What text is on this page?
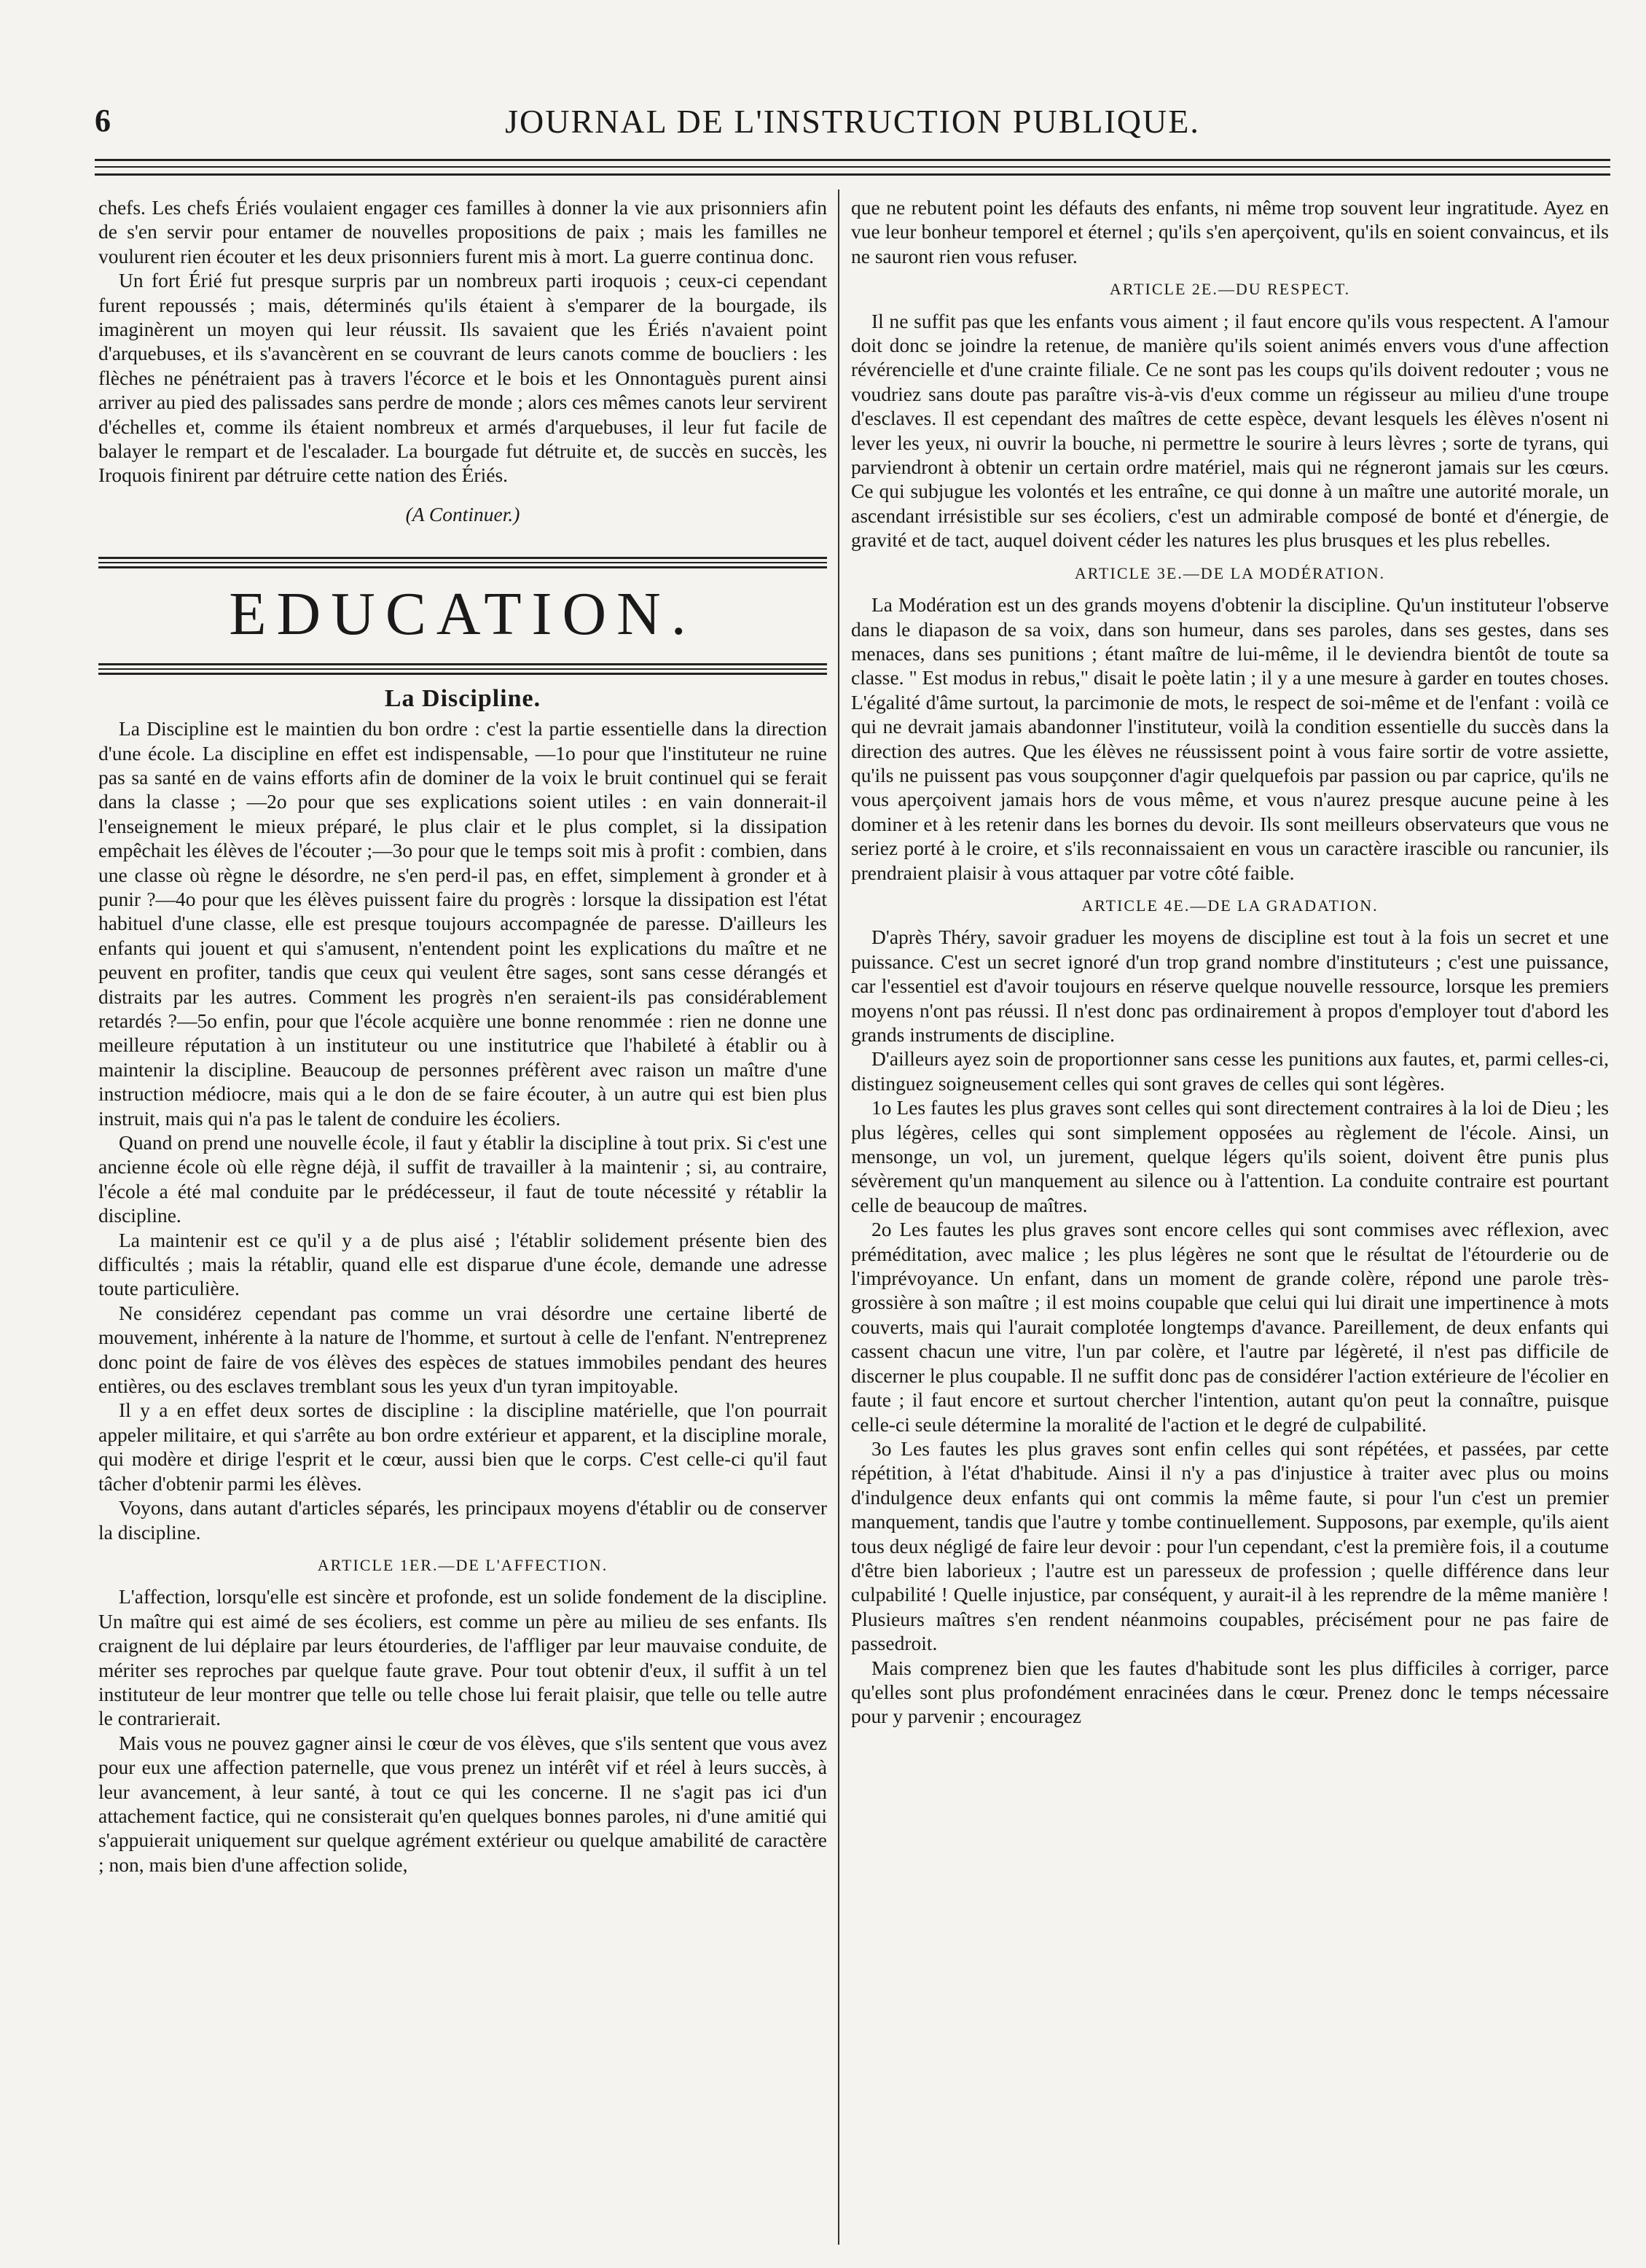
6	JOURNAL DE L'INSTRUCTION PUBLIQUE.

chefs. Les chefs Ériés voulaient engager ces familles à donner la vie aux prisonniers afin de s'en servir pour entamer de nouvelles propositions de paix ; mais les familles ne voulurent rien écouter et les deux prisonniers furent mis à mort. La guerre continua donc.

Un fort Érié fut presque surpris par un nombreux parti iroquois ; ceux-ci cependant furent repoussés ; mais, déterminés qu'ils étaient à s'emparer de la bourgade, ils imaginèrent un moyen qui leur réussit. Ils savaient que les Ériés n'avaient point d'arquebuses, et ils s'avancèrent en se couvrant de leurs canots comme de boucliers : les flèches ne pénétraient pas à travers l'écorce et le bois et les Onnontaguès purent ainsi arriver au pied des palissades sans perdre de monde ; alors ces mêmes canots leur servirent d'échelles et, comme ils étaient nombreux et armés d'arquebuses, il leur fut facile de balayer le rempart et de l'escalader. La bourgade fut détruite et, de succès en succès, les Iroquois finirent par détruire cette nation des Ériés.

(A Continuer.)

EDUCATION.

La Discipline.

La Discipline est le maintien du bon ordre : c'est la partie essentielle dans la direction d'une école. La discipline en effet est indispensable, —1o pour que l'instituteur ne ruine pas sa santé en de vains efforts afin de dominer de la voix le bruit continuel qui se ferait dans la classe ; —2o pour que ses explications soient utiles : en vain donnerait-il l'enseignement le mieux préparé, le plus clair et le plus complet, si la dissipation empêchait les élèves de l'écouter ;—3o pour que le temps soit mis à profit : combien, dans une classe où règne le désordre, ne s'en perd-il pas, en effet, simplement à gronder et à punir ?—4o pour que les élèves puissent faire du progrès : lorsque la dissipation est l'état habituel d'une classe, elle est presque toujours accompagnée de paresse. D'ailleurs les enfants qui jouent et qui s'amusent, n'entendent point les explications du maître et ne peuvent en profiter, tandis que ceux qui veulent être sages, sont sans cesse dérangés et distraits par les autres. Comment les progrès n'en seraient-ils pas considérablement retardés ?—5o enfin, pour que l'école acquière une bonne renommée : rien ne donne une meilleure réputation à un instituteur ou une institutrice que l'habileté à établir ou à maintenir la discipline. Beaucoup de personnes préfèrent avec raison un maître d'une instruction médiocre, mais qui a le don de se faire écouter, à un autre qui est bien plus instruit, mais qui n'a pas le talent de conduire les écoliers.

Quand on prend une nouvelle école, il faut y établir la discipline à tout prix. Si c'est une ancienne école où elle règne déjà, il suffit de travailler à la maintenir ; si, au contraire, l'école a été mal conduite par le prédécesseur, il faut de toute nécessité y rétablir la discipline.

La maintenir est ce qu'il y a de plus aisé ; l'établir solidement présente bien des difficultés ; mais la rétablir, quand elle est disparue d'une école, demande une adresse toute particulière.

Ne considérez cependant pas comme un vrai désordre une certaine liberté de mouvement, inhérente à la nature de l'homme, et surtout à celle de l'enfant. N'entreprenez donc point de faire de vos élèves des espèces de statues immobiles pendant des heures entières, ou des esclaves tremblant sous les yeux d'un tyran impitoyable.

Il y a en effet deux sortes de discipline : la discipline matérielle, que l'on pourrait appeler militaire, et qui s'arrête au bon ordre extérieur et apparent, et la discipline morale, qui modère et dirige l'esprit et le cœur, aussi bien que le corps. C'est celle-ci qu'il faut tâcher d'obtenir parmi les élèves.

Voyons, dans autant d'articles séparés, les principaux moyens d'établir ou de conserver la discipline.

ARTICLE 1ER.—DE L'AFFECTION.

L'affection, lorsqu'elle est sincère et profonde, est un solide fondement de la discipline. Un maître qui est aimé de ses écoliers, est comme un père au milieu de ses enfants. Ils craignent de lui déplaire par leurs étourderies, de l'affliger par leur mauvaise conduite, de mériter ses reproches par quelque faute grave. Pour tout obtenir d'eux, il suffit à un tel instituteur de leur montrer que telle ou telle chose lui ferait plaisir, que telle ou telle autre le contrarierait.

Mais vous ne pouvez gagner ainsi le cœur de vos élèves, que s'ils sentent que vous avez pour eux une affection paternelle, que vous prenez un intérêt vif et réel à leurs succès, à leur avancement, à leur santé, à tout ce qui les concerne. Il ne s'agit pas ici d'un attachement factice, qui ne consisterait qu'en quelques bonnes paroles, ni d'une amitié qui s'appuierait uniquement sur quelque agrément extérieur ou quelque amabilité de caractère ; non, mais bien d'une affection solide,

que ne rebutent point les défauts des enfants, ni même trop souvent leur ingratitude. Ayez en vue leur bonheur temporel et éternel ; qu'ils s'en aperçoivent, qu'ils en soient convaincus, et ils ne sauront rien vous refuser.

ARTICLE 2E.—DU RESPECT.

Il ne suffit pas que les enfants vous aiment ; il faut encore qu'ils vous respectent. A l'amour doit donc se joindre la retenue, de manière qu'ils soient animés envers vous d'une affection révérencielle et d'une crainte filiale. Ce ne sont pas les coups qu'ils doivent redouter ; vous ne voudriez sans doute pas paraître vis-à-vis d'eux comme un régisseur au milieu d'une troupe d'esclaves. Il est cependant des maîtres de cette espèce, devant lesquels les élèves n'osent ni lever les yeux, ni ouvrir la bouche, ni permettre le sourire à leurs lèvres ; sorte de tyrans, qui parviendront à obtenir un certain ordre matériel, mais qui ne régneront jamais sur les cœurs. Ce qui subjugue les volontés et les entraîne, ce qui donne à un maître une autorité morale, un ascendant irrésistible sur ses écoliers, c'est un admirable composé de bonté et d'énergie, de gravité et de tact, auquel doivent céder les natures les plus brusques et les plus rebelles.

ARTICLE 3E.—DE LA MODÉRATION.

La Modération est un des grands moyens d'obtenir la discipline. Qu'un instituteur l'observe dans le diapason de sa voix, dans son humeur, dans ses paroles, dans ses gestes, dans ses menaces, dans ses punitions ; étant maître de lui-même, il le deviendra bientôt de toute sa classe. " Est modus in rebus," disait le poète latin ; il y a une mesure à garder en toutes choses. L'égalité d'âme surtout, la parcimonie de mots, le respect de soi-même et de l'enfant : voilà ce qui ne devrait jamais abandonner l'instituteur, voilà la condition essentielle du succès dans la direction des autres. Que les élèves ne réussissent point à vous faire sortir de votre assiette, qu'ils ne puissent pas vous soupçonner d'agir quelquefois par passion ou par caprice, qu'ils ne vous aperçoivent jamais hors de vous même, et vous n'aurez presque aucune peine à les dominer et à les retenir dans les bornes du devoir. Ils sont meilleurs observateurs que vous ne seriez porté à le croire, et s'ils reconnaissaient en vous un caractère irascible ou rancunier, ils prendraient plaisir à vous attaquer par votre côté faible.

ARTICLE 4E.—DE LA GRADATION.

D'après Théry, savoir graduer les moyens de discipline est tout à la fois un secret et une puissance. C'est un secret ignoré d'un trop grand nombre d'instituteurs ; c'est une puissance, car l'essentiel est d'avoir toujours en réserve quelque nouvelle ressource, lorsque les premiers moyens n'ont pas réussi. Il n'est donc pas ordinairement à propos d'employer tout d'abord les grands instruments de discipline.

D'ailleurs ayez soin de proportionner sans cesse les punitions aux fautes, et, parmi celles-ci, distinguez soigneusement celles qui sont graves de celles qui sont légères.

1o Les fautes les plus graves sont celles qui sont directement contraires à la loi de Dieu ; les plus légères, celles qui sont simplement opposées au règlement de l'école. Ainsi, un mensonge, un vol, un jurement, quelque légers qu'ils soient, doivent être punis plus sévèrement qu'un manquement au silence ou à l'attention. La conduite contraire est pourtant celle de beaucoup de maîtres.

2o Les fautes les plus graves sont encore celles qui sont commises avec réflexion, avec préméditation, avec malice ; les plus légères ne sont que le résultat de l'étourderie ou de l'imprévoyance. Un enfant, dans un moment de grande colère, répond une parole très-grossière à son maître ; il est moins coupable que celui qui lui dirait une impertinence à mots couverts, mais qui l'aurait complotée longtemps d'avance. Pareillement, de deux enfants qui cassent chacun une vitre, l'un par colère, et l'autre par légèreté, il n'est pas difficile de discerner le plus coupable. Il ne suffit donc pas de considérer l'action extérieure de l'écolier en faute ; il faut encore et surtout chercher l'intention, autant qu'on peut la connaître, puisque celle-ci seule détermine la moralité de l'action et le degré de culpabilité.

3o Les fautes les plus graves sont enfin celles qui sont répétées, et passées, par cette répétition, à l'état d'habitude. Ainsi il n'y a pas d'injustice à traiter avec plus ou moins d'indulgence deux enfants qui ont commis la même faute, si pour l'un c'est un premier manquement, tandis que l'autre y tombe continuellement. Supposons, par exemple, qu'ils aient tous deux négligé de faire leur devoir : pour l'un cependant, c'est la première fois, il a coutume d'être bien laborieux ; l'autre est un paresseux de profession ; quelle différence dans leur culpabilité ! Quelle injustice, par conséquent, y aurait-il à les reprendre de la même manière ! Plusieurs maîtres s'en rendent néanmoins coupables, précisément pour ne pas faire de passedroit.

Mais comprenez bien que les fautes d'habitude sont les plus difficiles à corriger, parce qu'elles sont plus profondément enracinées dans le cœur. Prenez donc le temps nécessaire pour y parvenir ; encouragez
